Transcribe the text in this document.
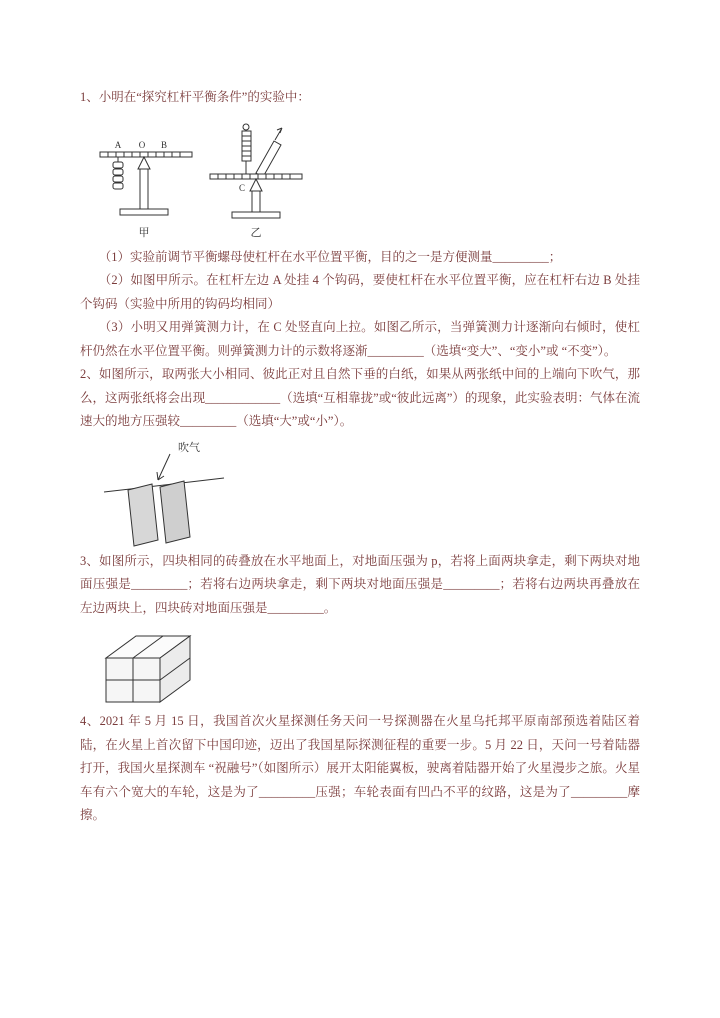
1、小明在“探究杠杆平衡条件”的实验中：

A O B
甲
C
乙

（1）实验前调节平衡螺母使杠杆在水平位置平衡，目的之一是方便测量_________；

（2）如图甲所示。在杠杆左边 A 处挂 4 个钩码，要使杠杆在水平位置平衡，应在杠杆右边 B 处挂个钩码（实验中所用的钩码均相同）

（3）小明又用弹簧测力计，在 C 处竖直向上拉。如图乙所示，当弹簧测力计逐渐向右倾时，使杠杆仍然在水平位置平衡。则弹簧测力计的示数将逐渐_________（选填“变大”、“变小”或 “不变”）。

2、如图所示，取两张大小相同、彼此正对且自然下垂的白纸，如果从两张纸中间的上端向下吹气，那么，这两张纸将会出现____________（选填“互相靠拢”或“彼此远离”）的现象，此实验表明：气体在流速大的地方压强较_________（选填“大”或“小”）。

吹气

3、如图所示，四块相同的砖叠放在水平地面上，对地面压强为 p，若将上面两块拿走，剩下两块对地面压强是_________；若将右边两块拿走，剩下两块对地面压强是_________；若将右边两块再叠放在左边两块上，四块砖对地面压强是_________。

4、2021 年 5 月 15 日，我国首次火星探测任务天问一号探测器在火星乌托邦平原南部预选着陆区着陆，在火星上首次留下中国印迹，迈出了我国星际探测征程的重要一步。5 月 22 日，天问一号着陆器打开，我国火星探测车 “祝融号”（如图所示）展开太阳能翼板，驶离着陆器开始了火星漫步之旅。火星车有六个宽大的车轮，这是为了_________压强；车轮表面有凹凸不平的纹路，这是为了_________摩擦。
